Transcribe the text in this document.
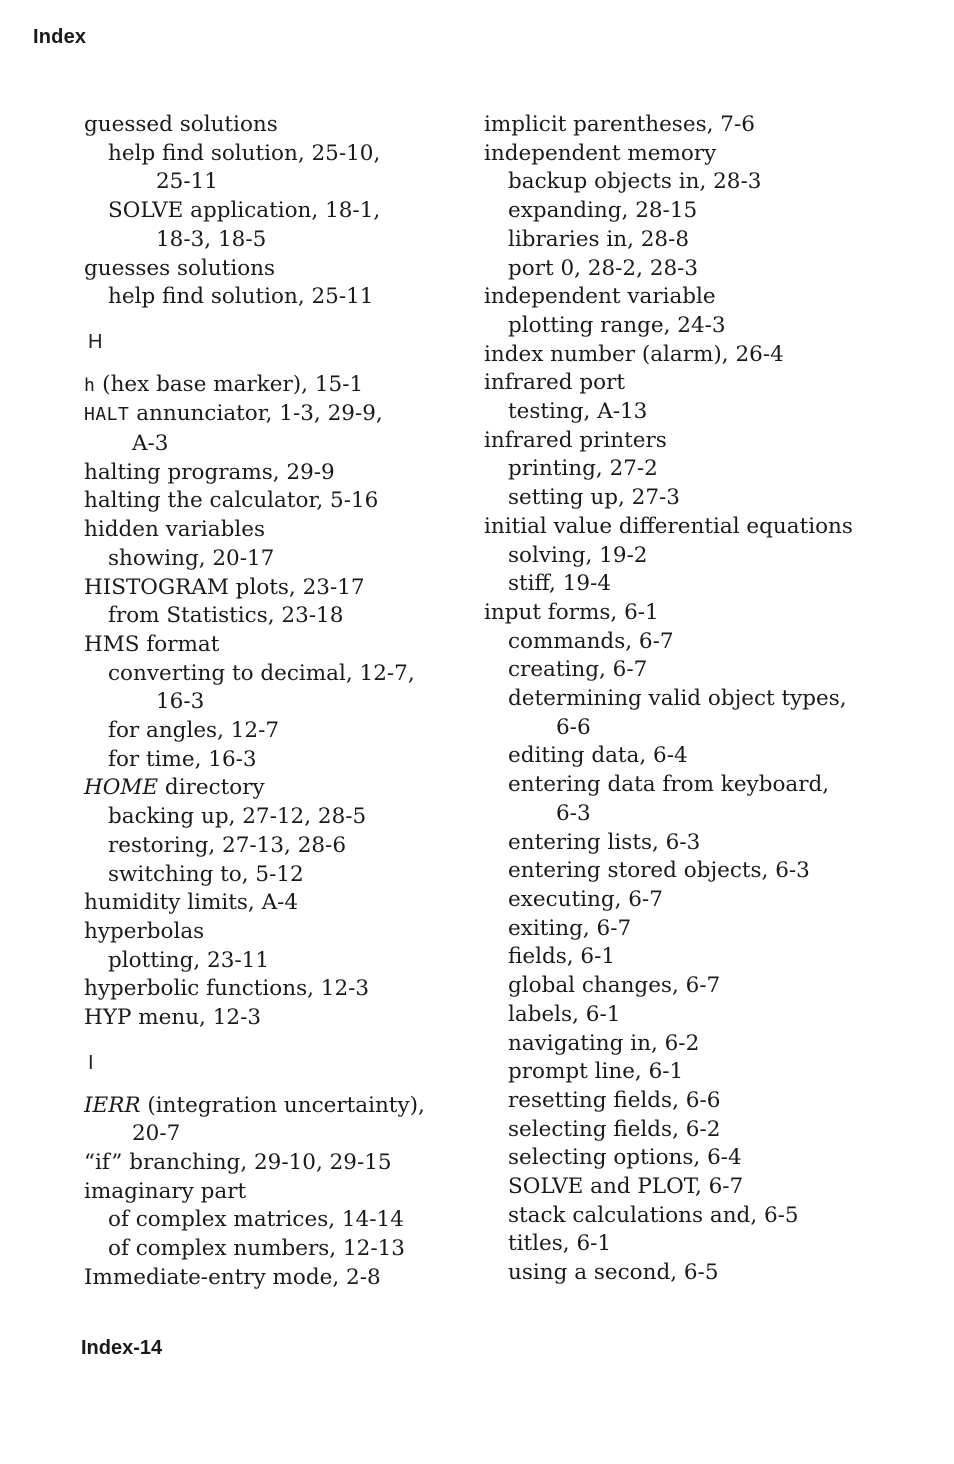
Index
guessed solutions
help find solution, 25-10,
25-11
SOLVE application, 18-1,
18-3, 18-5
guesses solutions
help find solution, 25-11
H
h (hex base marker), 15-1
HALT annunciator, 1-3, 29-9,
A-3
halting programs, 29-9
halting the calculator, 5-16
hidden variables
showing, 20-17
HISTOGRAM plots, 23-17
from Statistics, 23-18
HMS format
converting to decimal, 12-7,
16-3
for angles, 12-7
for time, 16-3
HOME directory
backing up, 27-12, 28-5
restoring, 27-13, 28-6
switching to, 5-12
humidity limits, A-4
hyperbolas
plotting, 23-11
hyperbolic functions, 12-3
HYP menu, 12-3
I
IERR (integration uncertainty),
20-7
“if” branching, 29-10, 29-15
imaginary part
of complex matrices, 14-14
of complex numbers, 12-13
Immediate-entry mode, 2-8
implicit parentheses, 7-6
independent memory
backup objects in, 28-3
expanding, 28-15
libraries in, 28-8
port 0, 28-2, 28-3
independent variable
plotting range, 24-3
index number (alarm), 26-4
infrared port
testing, A-13
infrared printers
printing, 27-2
setting up, 27-3
initial value differential equations
solving, 19-2
stiff, 19-4
input forms, 6-1
commands, 6-7
creating, 6-7
determining valid object types,
6-6
editing data, 6-4
entering data from keyboard,
6-3
entering lists, 6-3
entering stored objects, 6-3
executing, 6-7
exiting, 6-7
fields, 6-1
global changes, 6-7
labels, 6-1
navigating in, 6-2
prompt line, 6-1
resetting fields, 6-6
selecting fields, 6-2
selecting options, 6-4
SOLVE and PLOT, 6-7
stack calculations and, 6-5
titles, 6-1
using a second, 6-5
Index-14
